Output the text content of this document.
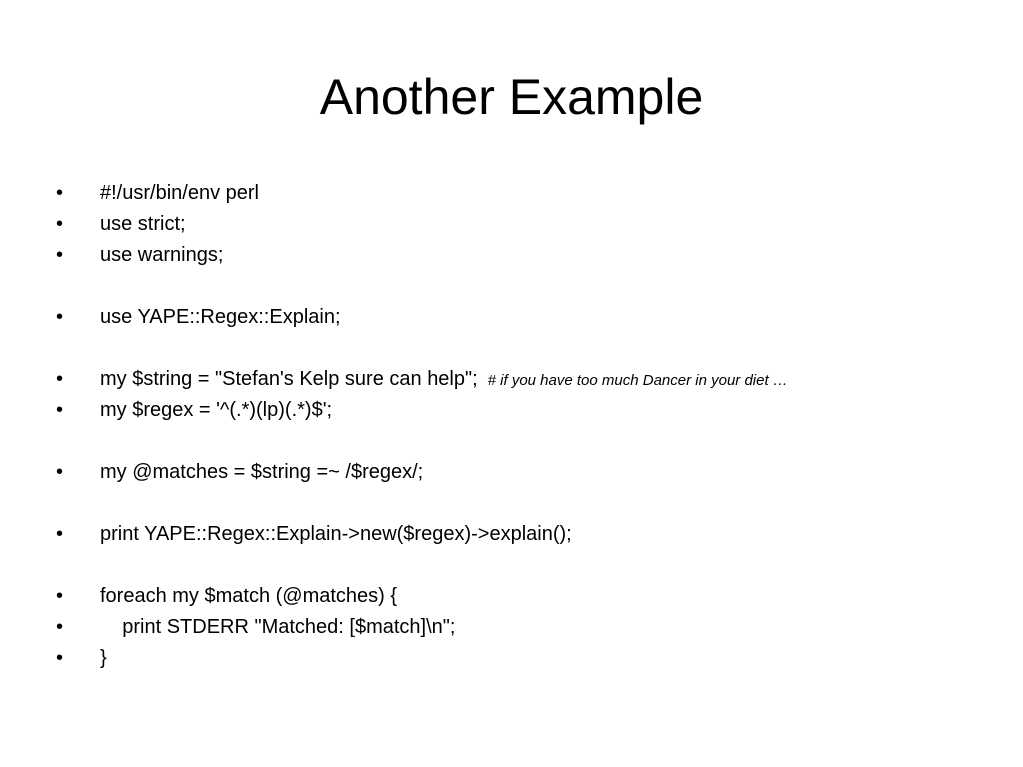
Another Example

•

	#!/usr/bin/env perl

•

	use strict;

•

	use warnings;

•

	use YAPE::Regex::Explain;

•

	my $string = "Stefan's Kelp sure can help"; # if you have too much Dancer in your diet …

•

	my $regex = '^(.*)(lp)(.*)$';

•

	my @matches = $string =~ /$regex/;

•

	print YAPE::Regex::Explain->new($regex)->explain();

•

	foreach my $match (@matches) {

•

	print STDERR "Matched: [$match]\n";

•

	}
